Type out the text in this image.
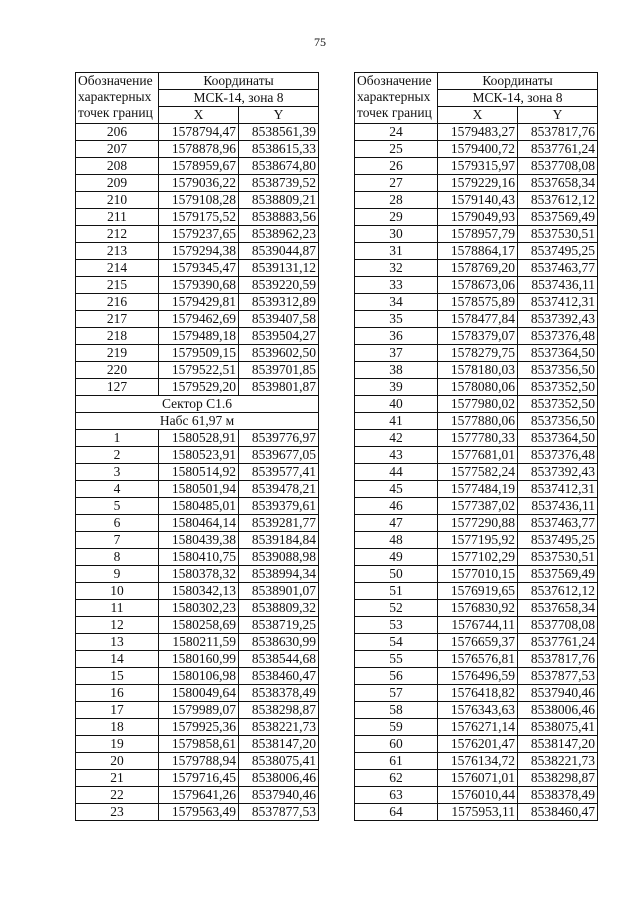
75
Обозначение
характерных
точек границ	Координаты	
	МСК-14, зона 8	
	X	Y
206	1578794,47	8538561,39
207	1578878,96	8538615,33
208	1578959,67	8538674,80
209	1579036,22	8538739,52
210	1579108,28	8538809,21
211	1579175,52	8538883,56
212	1579237,65	8538962,23
213	1579294,38	8539044,87
214	1579345,47	8539131,12
215	1579390,68	8539220,59
216	1579429,81	8539312,89
217	1579462,69	8539407,58
218	1579489,18	8539504,27
219	1579509,15	8539602,50
220	1579522,51	8539701,85
127	1579529,20	8539801,87
Сектор С1.6		
Набс 61,97 м		
1	1580528,91	8539776,97
2	1580523,91	8539677,05
3	1580514,92	8539577,41
4	1580501,94	8539478,21
5	1580485,01	8539379,61
6	1580464,14	8539281,77
7	1580439,38	8539184,84
8	1580410,75	8539088,98
9	1580378,32	8538994,34
10	1580342,13	8538901,07
11	1580302,23	8538809,32
12	1580258,69	8538719,25
13	1580211,59	8538630,99
14	1580160,99	8538544,68
15	1580106,98	8538460,47
16	1580049,64	8538378,49
17	1579989,07	8538298,87
18	1579925,36	8538221,73
19	1579858,61	8538147,20
20	1579788,94	8538075,41
21	1579716,45	8538006,46
22	1579641,26	8537940,46
23	1579563,49	8537877,53
Обозначение
характерных
точек границ	Координаты	
	МСК-14, зона 8	
	X	Y
24	1579483,27	8537817,76
25	1579400,72	8537761,24
26	1579315,97	8537708,08
27	1579229,16	8537658,34
28	1579140,43	8537612,12
29	1579049,93	8537569,49
30	1578957,79	8537530,51
31	1578864,17	8537495,25
32	1578769,20	8537463,77
33	1578673,06	8537436,11
34	1578575,89	8537412,31
35	1578477,84	8537392,43
36	1578379,07	8537376,48
37	1578279,75	8537364,50
38	1578180,03	8537356,50
39	1578080,06	8537352,50
40	1577980,02	8537352,50
41	1577880,06	8537356,50
42	1577780,33	8537364,50
43	1577681,01	8537376,48
44	1577582,24	8537392,43
45	1577484,19	8537412,31
46	1577387,02	8537436,11
47	1577290,88	8537463,77
48	1577195,92	8537495,25
49	1577102,29	8537530,51
50	1577010,15	8537569,49
51	1576919,65	8537612,12
52	1576830,92	8537658,34
53	1576744,11	8537708,08
54	1576659,37	8537761,24
55	1576576,81	8537817,76
56	1576496,59	8537877,53
57	1576418,82	8537940,46
58	1576343,63	8538006,46
59	1576271,14	8538075,41
60	1576201,47	8538147,20
61	1576134,72	8538221,73
62	1576071,01	8538298,87
63	1576010,44	8538378,49
64	1575953,11	8538460,47
